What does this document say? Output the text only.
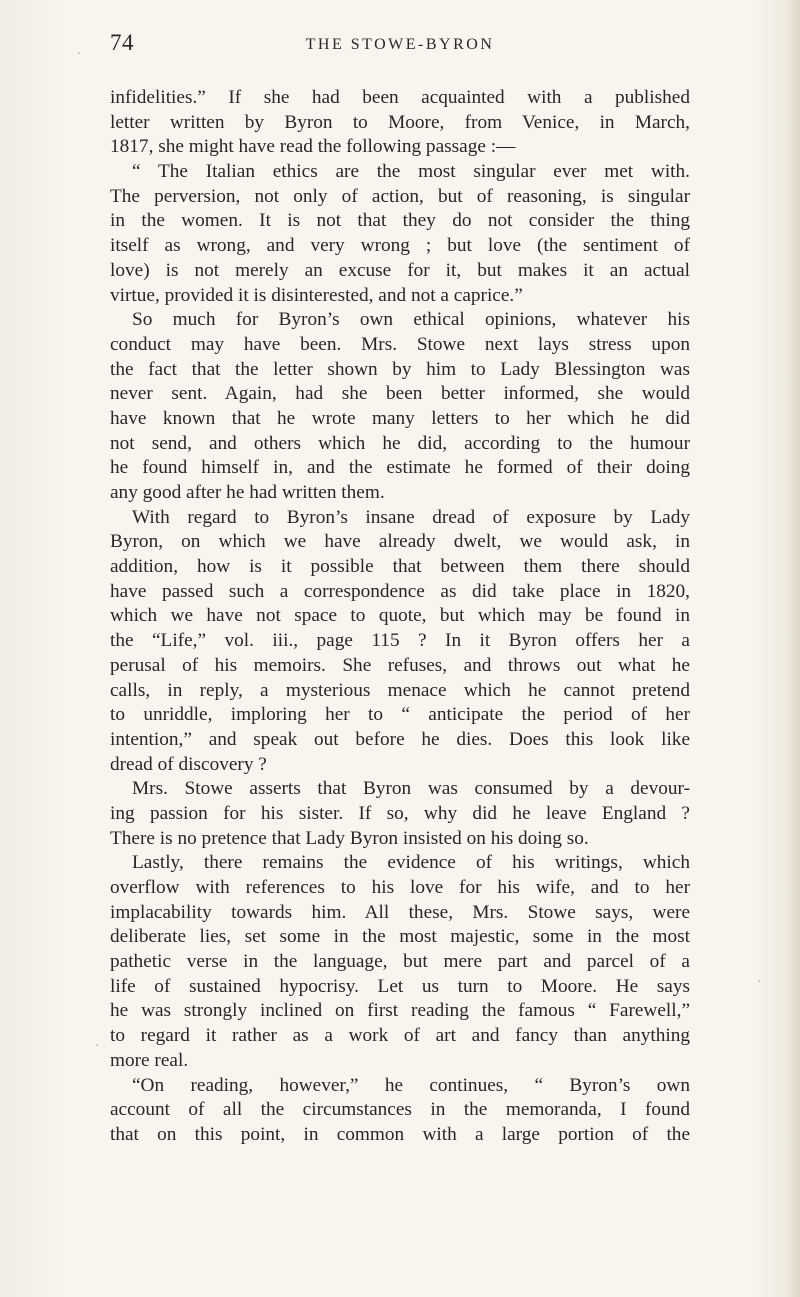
74	THE STOWE-BYRON
infidelities.” If she had been acquainted with a published
letter written by Byron to Moore, from Venice, in March,
1817, she might have read the following passage :—
“ The Italian ethics are the most singular ever met with.
The perversion, not only of action, but of reasoning, is singular
in the women. It is not that they do not consider the thing
itself as wrong, and very wrong ; but love (the sentiment of
love) is not merely an excuse for it, but makes it an actual
virtue, provided it is disinterested, and not a caprice.”
So much for Byron’s own ethical opinions, whatever his
conduct may have been. Mrs. Stowe next lays stress upon
the fact that the letter shown by him to Lady Blessington was
never sent. Again, had she been better informed, she would
have known that he wrote many letters to her which he did
not send, and others which he did, according to the humour
he found himself in, and the estimate he formed of their doing
any good after he had written them.
With regard to Byron’s insane dread of exposure by Lady
Byron, on which we have already dwelt, we would ask, in
addition, how is it possible that between them there should
have passed such a correspondence as did take place in 1820,
which we have not space to quote, but which may be found in
the “Life,” vol. iii., page 115 ? In it Byron offers her a
perusal of his memoirs. She refuses, and throws out what he
calls, in reply, a mysterious menace which he cannot pretend
to unriddle, imploring her to “ anticipate the period of her
intention,” and speak out before he dies. Does this look like
dread of discovery ?
Mrs. Stowe asserts that Byron was consumed by a devour-
ing passion for his sister. If so, why did he leave England ?
There is no pretence that Lady Byron insisted on his doing so.
Lastly, there remains the evidence of his writings, which
overflow with references to his love for his wife, and to her
implacability towards him. All these, Mrs. Stowe says, were
deliberate lies, set some in the most majestic, some in the most
pathetic verse in the language, but mere part and parcel of a
life of sustained hypocrisy. Let us turn to Moore. He says
he was strongly inclined on first reading the famous “ Farewell,”
to regard it rather as a work of art and fancy than anything
more real.
“On reading, however,” he continues, “ Byron’s own
account of all the circumstances in the memoranda, I found
that on this point, in common with a large portion of the
